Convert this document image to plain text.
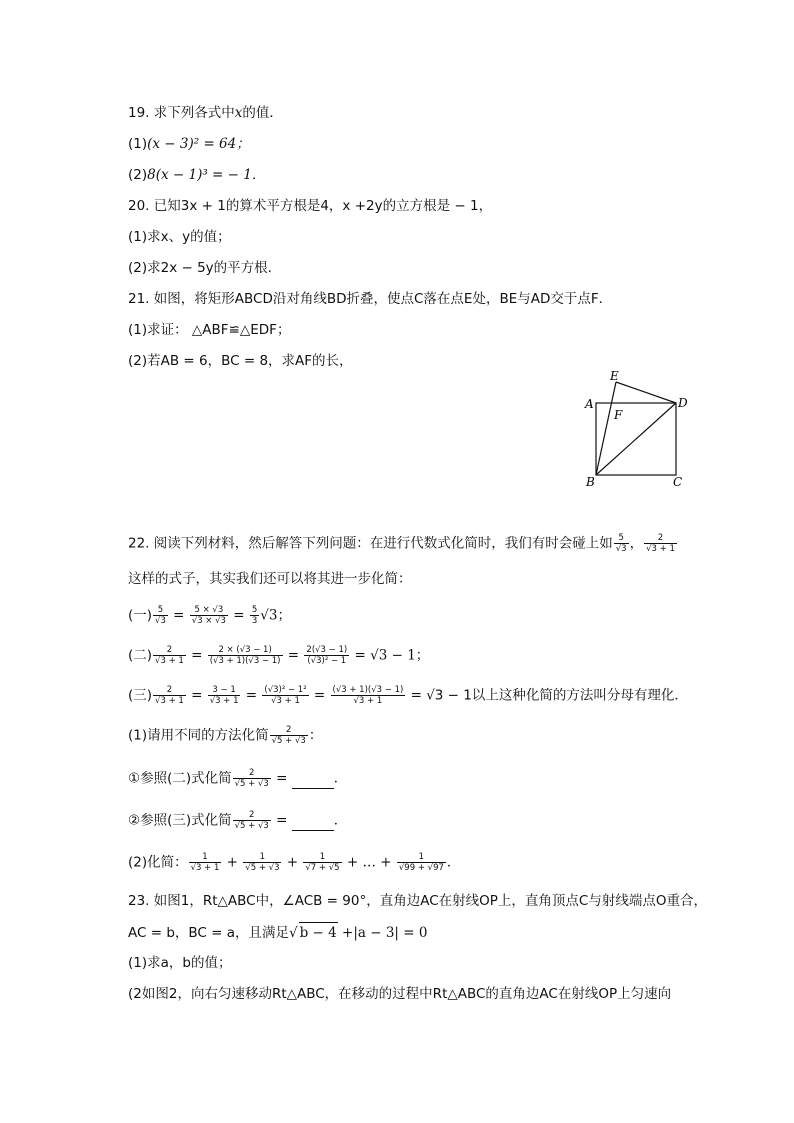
19. 求下列各式中x的值．
(1)(x − 3)² = 64；
(2)8(x − 1)³ = − 1．
20. 已知3x + 1的算术平方根是4，x +2y的立方根是 − 1，
(1)求x、y的值；
(2)求2x − 5y的平方根．
21. 如图，将矩形ABCD沿对角线BD折叠，使点C落在点E处，BE与AD交于点F．
(1)求证： △ABF≌△EDF；
(2)若AB = 6，BC = 8，求AF的长，
E
A	D
F
B	C
22. 阅读下列材料，然后解答下列问题：在进行代数式化简时，我们有时会碰上如 $\frac{5}{√3}$ ， $\frac{2}{√3 + 1}$
这样的式子，其实我们还可以将其进一步化简：
(一) $\frac{5}{√3} = \frac{5 \times √3}{√3 \times √3} = \frac{5}{3} √3$；
(二) $\frac{2}{√3 + 1} = \frac{2 \times (√3 - 1)}{(√3 + 1)(√3 - 1)} = \frac{2(√3 - 1)}{\text{(√3)² − 1}} = √3 - 1$；
(三) $\frac{2}{√3 + 1} = \frac{3 - 1}{√3 + 1} = \frac{\text{(√3)² − 1²}}{√3 + 1} = \frac{(√3 + 1)(√3 - 1)}{√3 + 1} = √3 - 1$以上这种化简的方法叫分母有理化．
(1)请用不同的方法化简 $\frac{2}{√5 + √3}$ ：
①参照(二)式化简 $\frac{2}{√5 + √3}$ =	．
②参照(三)式化简 $\frac{2}{√5 + √3}$ =	．
(2)化简： $\frac{1}{√3 + 1} + \frac{1}{√5 + √3} + \frac{1}{√7 + √5}$ + … + $\frac{1}{√99 + √97}$ ．
23. 如图1，Rt△ABC中，∠ACB = 90°，直角边AC在射线OP上，直角顶点C与射线端点O重合，
AC = b，BC = a，且满足√ b − 4 +|a − 3| = 0
(1)求a，b的值；
(2如图2，向右匀速移动Rt△ABC，在移动的过程中Rt△ABC的直角边AC在射线OP上匀速向
